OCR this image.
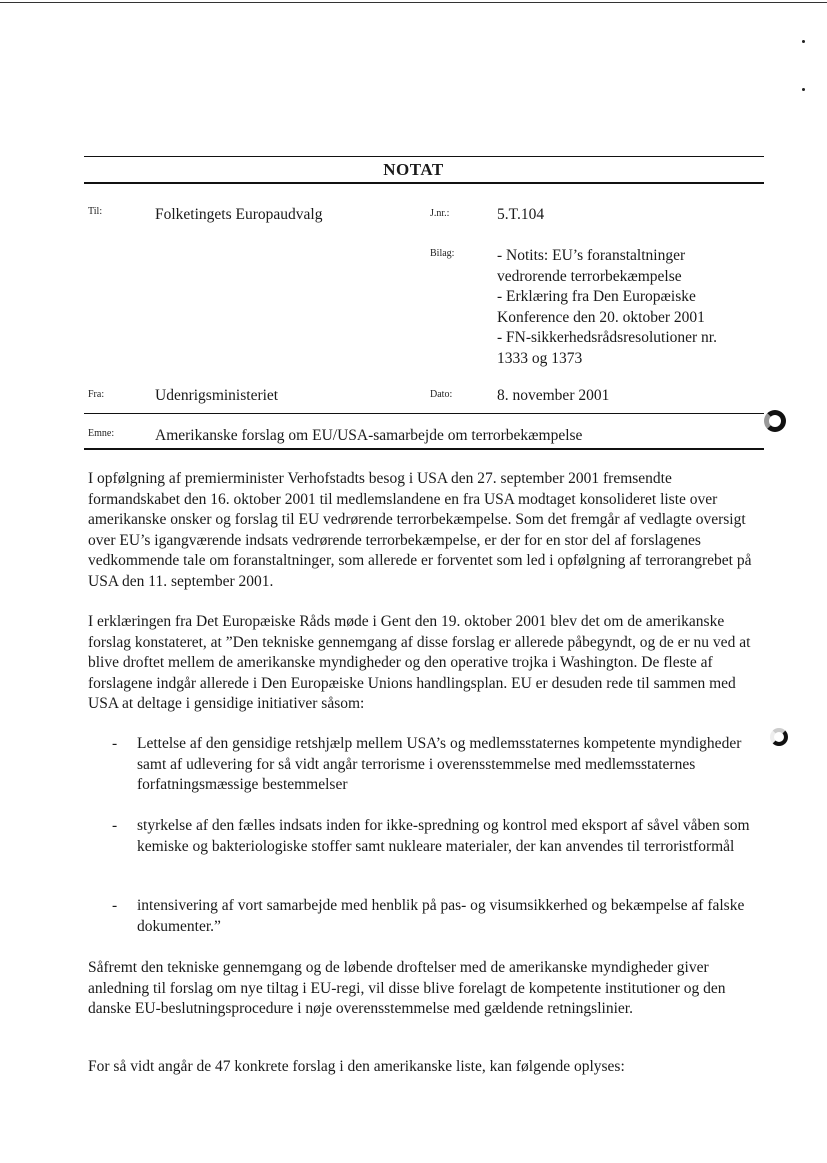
NOTAT
Til:	Folketingets Europaudvalg	J.nr.:	5.T.104
Bilag:	- Notits: EU’s foranstaltninger
vedrorende terrorbekæmpelse
- Erklæring fra Den Europæiske
Konference den 20. oktober 2001
- FN-sikkerhedsrådsresolutioner nr.
1333 og 1373
Fra:	Udenrigsministeriet	Dato:	8. november 2001
Emne:	Amerikanske forslag om EU/USA-samarbejde om terrorbekæmpelse

I opfølgning af premierminister Verhofstadts besog i USA den 27. september 2001 fremsendte formandskabet den 16. oktober 2001 til medlemslandene en fra USA modtaget konsolideret liste over amerikanske onsker og forslag til EU vedrørende terrorbekæmpelse. Som det fremgår af vedlagte oversigt over EU’s igangværende indsats vedrørende terrorbekæmpelse, er der for en stor del af forslagenes vedkommende tale om foranstaltninger, som allerede er forventet som led i opfølgning af terrorangrebet på USA den 11. september 2001.

I erklæringen fra Det Europæiske Råds møde i Gent den 19. oktober 2001 blev det om de amerikanske forslag konstateret, at ”Den tekniske gennemgang af disse forslag er allerede påbegyndt, og de er nu ved at blive droftet mellem de amerikanske myndigheder og den operative trojka i Washington. De fleste af forslagene indgår allerede i Den Europæiske Unions handlingsplan. EU er desuden rede til sammen med USA at deltage i gensidige initiativer såsom:

- Lettelse af den gensidige retshjælp mellem USA’s og medlemsstaternes kompetente myndigheder samt af udlevering for så vidt angår terrorisme i overensstemmelse med medlemsstaternes forfatningsmæssige bestemmelser
- styrkelse af den fælles indsats inden for ikke-spredning og kontrol med eksport af såvel våben som kemiske og bakteriologiske stoffer samt nukleare materialer, der kan anvendes til terroristformål
- intensivering af vort samarbejde med henblik på pas- og visumsikkerhed og bekæmpelse af falske dokumenter.”

Såfremt den tekniske gennemgang og de løbende droftelser med de amerikanske myndigheder giver anledning til forslag om nye tiltag i EU-regi, vil disse blive forelagt de kompetente institutioner og den danske EU-beslutningsprocedure i nøje overensstemmelse med gældende retningslinier.

For så vidt angår de 47 konkrete forslag i den amerikanske liste, kan følgende oplyses:
